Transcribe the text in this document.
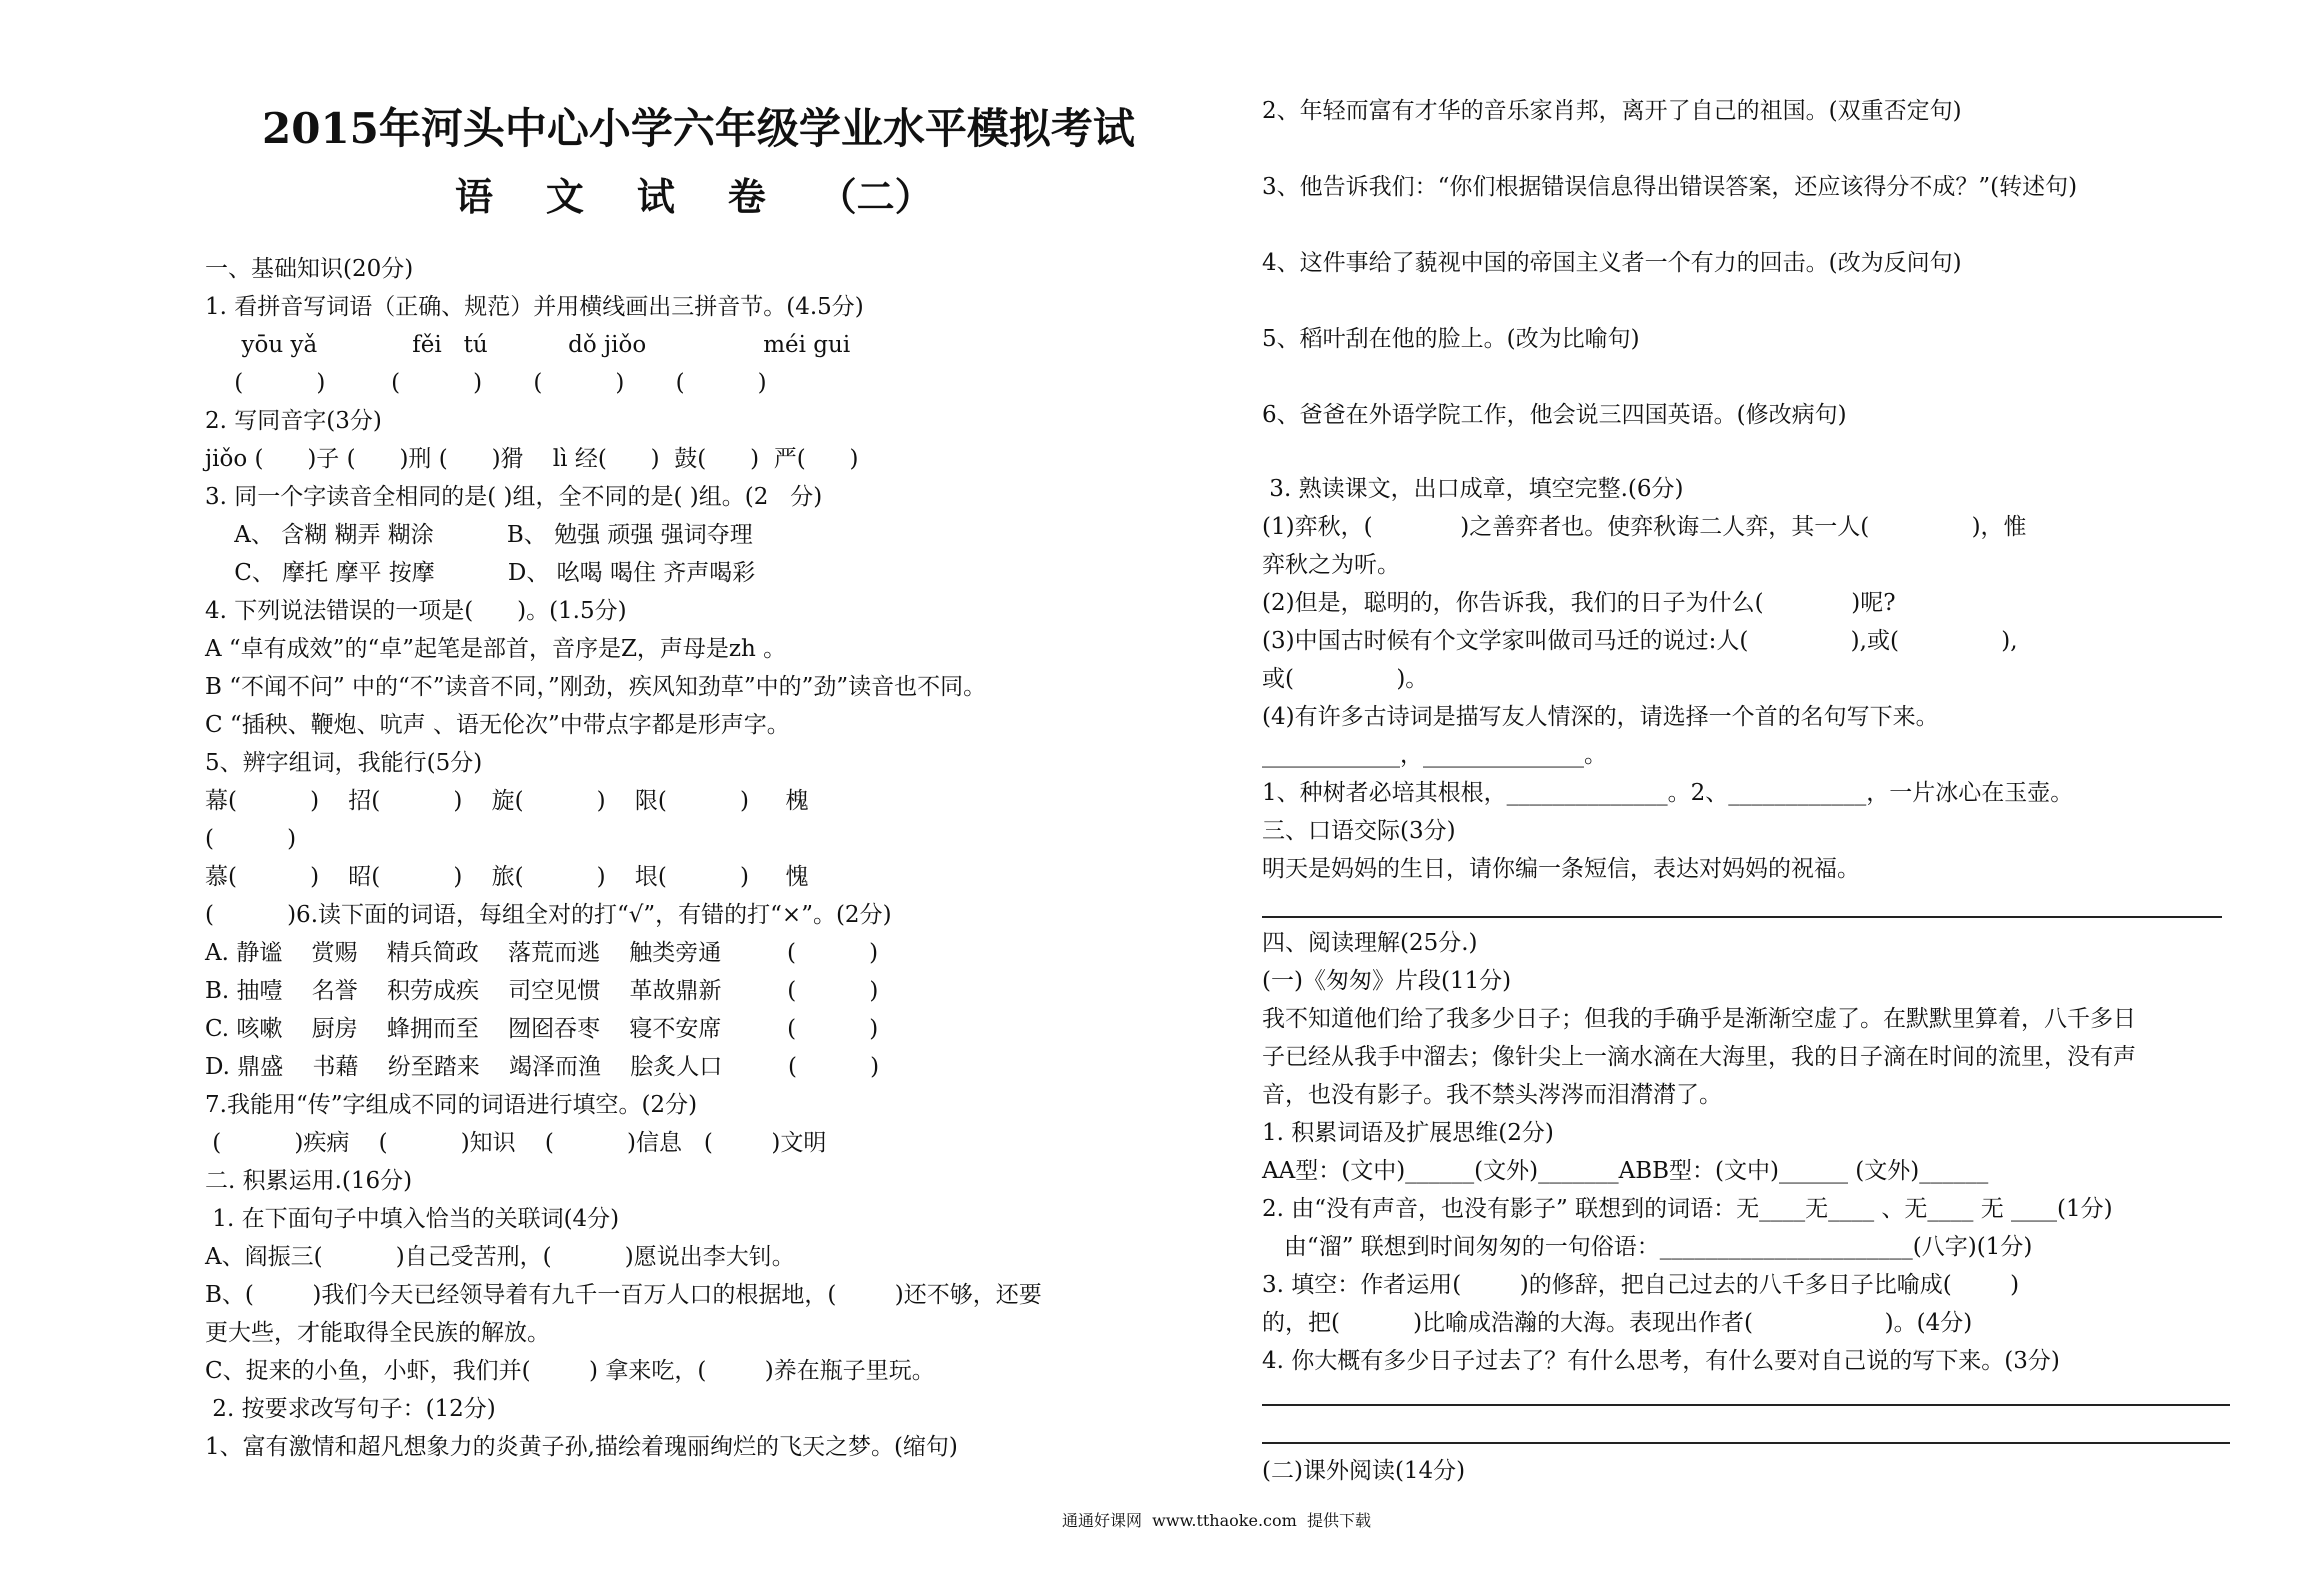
2015年河头中心小学六年级学业水平模拟考试
语    文    试    卷    （二）
一、基础知识(20分)
1. 看拼音写词语（正确、规范）并用横线画出三拼音节。(4.5分)
yōu yǎ             fěi   tú           dǒ jiǒo                méi gui
(          )         (          )       (          )       (          )
2. 写同音字(3分)
jiǒo (      )子 (      )刑 (      )猾    lì 经(      )  鼓(      )  严(      )
3. 同一个字读音全相同的是( )组，全不同的是( )组。(2   分)
A、 含糊 糊弄 糊涂          B、 勉强 顽强 强词夺理
C、 摩托 摩平 按摩          D、 吆喝 喝住 齐声喝彩
4. 下列说法错误的一项是(      )。(1.5分)
A “卓有成效”的“卓”起笔是部首，音序是Z，声母是zh 。
B “不闻不问” 中的“不”读音不同，”刚劲，疾风知劲草”中的”劲”读音也不同。
C “插秧、鞭炮、吭声 、语无伦次”中带点字都是形声字。
5、辨字组词，我能行(5分)
幕(          )    招(          )    旋(          )    限(          )     槐
(          )
慕(          )    昭(          )    旅(          )    垠(          )     愧
(          )6.读下面的词语，每组全对的打“√”，有错的打“×”。(2分)
A. 静谧    赏赐    精兵简政    落荒而逃    触类旁通         (          )
B. 抽噎    名誉    积劳成疾    司空见惯    革故鼎新         (          )
C. 咳嗽    厨房    蜂拥而至    囫囵吞枣    寝不安席         (          )
D. 鼎盛    书藉    纷至踏来    竭泽而渔    脍炙人口         (          )
7.我能用“传”字组成不同的词语进行填空。(2分)
(          )疾病    (          )知识    (          )信息   (        )文明
二. 积累运用.(16分)
1. 在下面句子中填入恰当的关联词(4分)
A、阎振三(          )自己受苦刑，(          )愿说出李大钊。
B、(        )我们今天已经领导着有九千一百万人口的根据地，(        )还不够，还要
更大些，才能取得全民族的解放。
C、捉来的小鱼，小虾，我们并(        ) 拿来吃，(        )养在瓶子里玩。
2. 按要求改写句子：(12分)
1、富有激情和超凡想象力的炎黄子孙,描绘着瑰丽绚烂的飞天之梦。(缩句)
2、年轻而富有才华的音乐家肖邦，离开了自己的祖国。(双重否定句)
3、他告诉我们：“你们根据错误信息得出错误答案，还应该得分不成？”(转述句)
4、这件事给了藐视中国的帝国主义者一个有力的回击。(改为反问句)
5、稻叶刮在他的脸上。(改为比喻句)
6、爸爸在外语学院工作，他会说三四国英语。(修改病句)
3. 熟读课文，出口成章，填空完整.(6分)
(1)弈秋，(            )之善弈者也。使弈秋诲二人弈，其一人(              )，惟
弈秋之为听。
(2)但是，聪明的，你告诉我，我们的日子为什么(            )呢?
(3)中国古时候有个文学家叫做司马迁的说过:人(              ),或(              ),
或(              )。
(4)有许多古诗词是描写友人情深的，请选择一个首的名句写下来。
____________，______________。
1、种树者必培其根根，______________。2、____________，一片冰心在玉壶。
三、口语交际(3分)
明天是妈妈的生日，请你编一条短信，表达对妈妈的祝福。
四、阅读理解(25分.)
(一)《匆匆》片段(11分)
我不知道他们给了我多少日子；但我的手确乎是渐渐空虚了。在默默里算着，八千多日
子已经从我手中溜去；像针尖上一滴水滴在大海里，我的日子滴在时间的流里，没有声
音，也没有影子。我不禁头涔涔而泪潸潸了。
1. 积累词语及扩展思维(2分)
AA型：(文中)______(文外)_______ABB型：(文中)______ (文外)______
2. 由“没有声音，也没有影子” 联想到的词语：无____无____ 、无____ 无 ____(1分)
由“溜” 联想到时间匆匆的一句俗语：______________________(八字)(1分)
3. 填空：作者运用(        )的修辞，把自己过去的八千多日子比喻成(        )
的，把(          )比喻成浩瀚的大海。表现出作者(                  )。(4分)
4. 你大概有多少日子过去了？有什么思考，有什么要对自己说的写下来。(3分)
(二)课外阅读(14分)
通通好课网  www.tthaoke.com  提供下载
